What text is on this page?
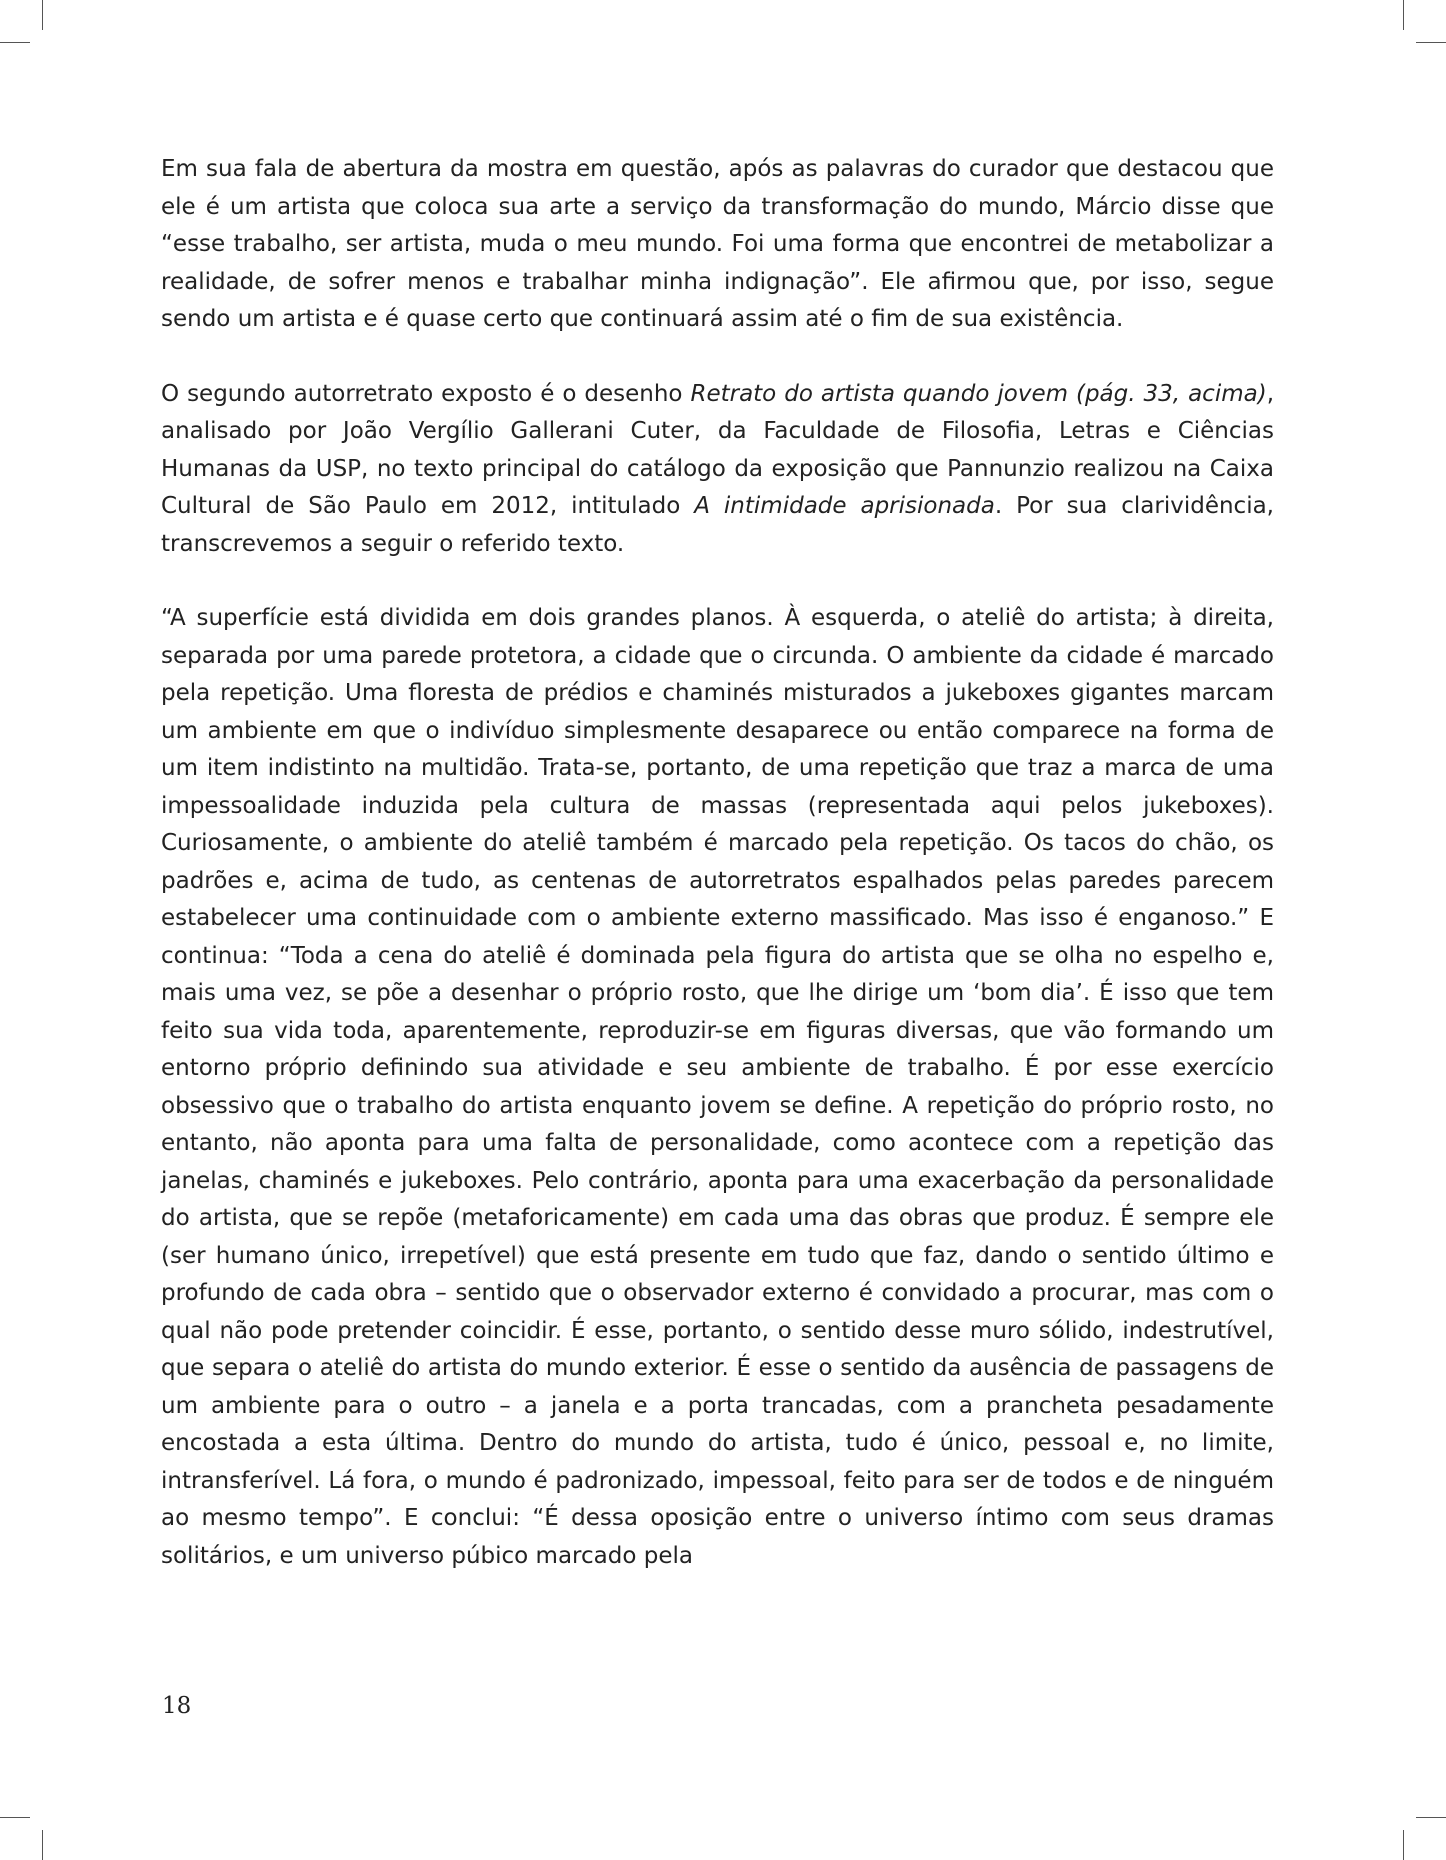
Em sua fala de abertura da mostra em questão, após as palavras do curador que destacou que ele é um artista que coloca sua arte a serviço da transformação do mundo, Márcio disse que “esse trabalho, ser artista, muda o meu mundo. Foi uma forma que encontrei de metabolizar a realidade, de sofrer menos e trabalhar minha indignação”. Ele afirmou que, por isso, segue sendo um artista e é quase certo que continuará assim até o fim de sua existência.

O segundo autorretrato exposto é o desenho Retrato do artista quando jovem (pág. 33, acima), analisado por João Vergílio Gallerani Cuter, da Faculdade de Filosofia, Letras e Ciências Humanas da USP, no texto principal do catálogo da exposição que Pannunzio realizou na Caixa Cultural de São Paulo em 2012, intitulado A intimidade aprisionada. Por sua clarividência, transcrevemos a seguir o referido texto.

“A superfície está dividida em dois grandes planos. À esquerda, o ateliê do artista; à direita, separada por uma parede protetora, a cidade que o circunda. O ambiente da cidade é marcado pela repetição. Uma floresta de prédios e chaminés misturados a jukeboxes gigantes marcam um ambiente em que o indivíduo simplesmente desaparece ou então comparece na forma de um item indistinto na multidão. Trata-se, portanto, de uma repetição que traz a marca de uma impessoalidade induzida pela cultura de massas (representada aqui pelos jukeboxes). Curiosamente, o ambiente do ateliê também é marcado pela repetição. Os tacos do chão, os padrões e, acima de tudo, as centenas de autorretratos espalhados pelas paredes parecem estabelecer uma continuidade com o ambiente externo massificado. Mas isso é enganoso.” E continua: “Toda a cena do ateliê é dominada pela figura do artista que se olha no espelho e, mais uma vez, se põe a desenhar o próprio rosto, que lhe dirige um ‘bom dia’. É isso que tem feito sua vida toda, aparentemente, reproduzir-se em figuras diversas, que vão formando um entorno próprio definindo sua atividade e seu ambiente de trabalho. É por esse exercício obsessivo que o trabalho do artista enquanto jovem se define. A repetição do próprio rosto, no entanto, não aponta para uma falta de personalidade, como acontece com a repetição das janelas, chaminés e jukeboxes. Pelo contrário, aponta para uma exacerbação da personalidade do artista, que se repõe (metaforicamente) em cada uma das obras que produz. É sempre ele (ser humano único, irrepetível) que está presente em tudo que faz, dando o sentido último e profundo de cada obra – sentido que o observador externo é convidado a procurar, mas com o qual não pode pretender coincidir. É esse, portanto, o sentido desse muro sólido, indestrutível, que separa o ateliê do artista do mundo exterior. É esse o sentido da ausência de passagens de um ambiente para o outro – a janela e a porta trancadas, com a prancheta pesadamente encostada a esta última. Dentro do mundo do artista, tudo é único, pessoal e, no limite, intransferível. Lá fora, o mundo é padronizado, impessoal, feito para ser de todos e de ninguém ao mesmo tempo”. E conclui: “É dessa oposição entre o universo íntimo com seus dramas solitários, e um universo púbico marcado pela

18
